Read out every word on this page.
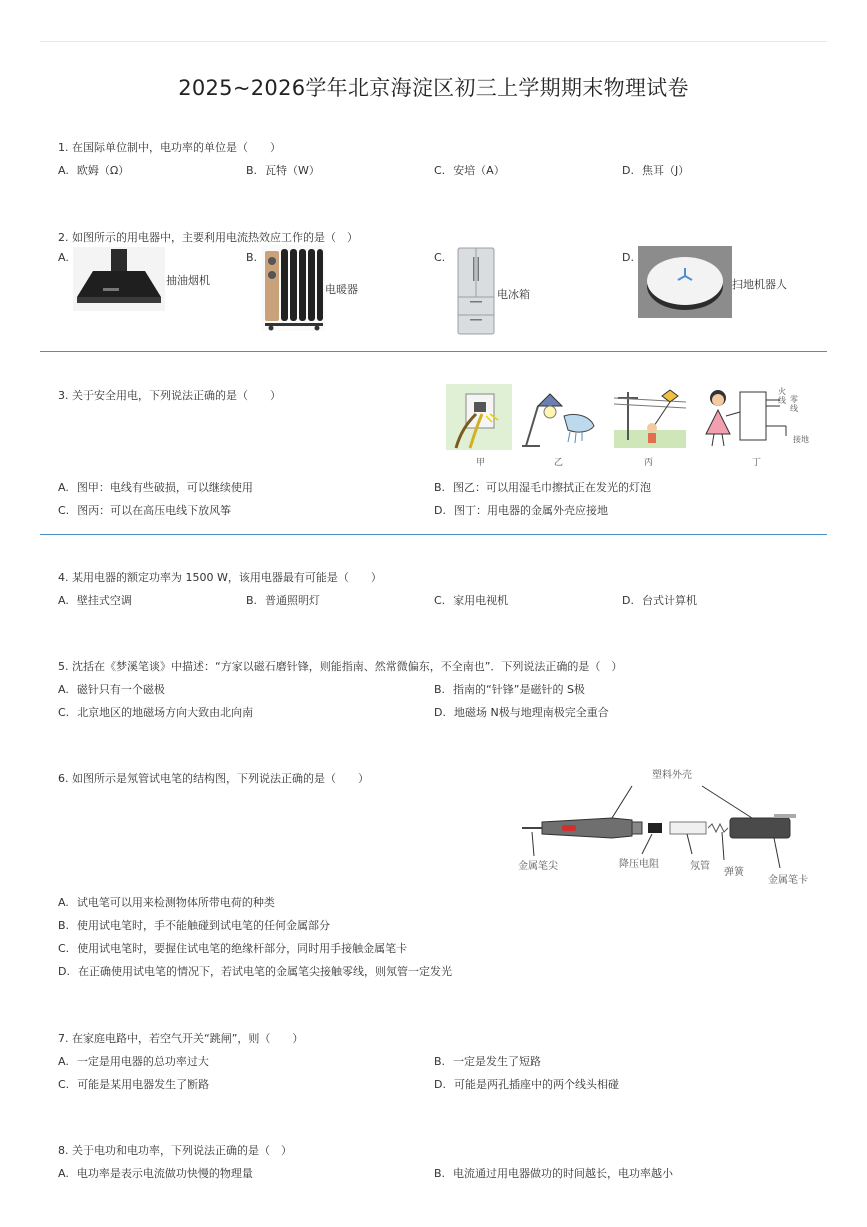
2025~2026学年北京海淀区初三上学期期末物理试卷
1. 在国际单位制中，电功率的单位是（　　）
A. 欧姆（Ω）	B. 瓦特（W）	C. 安培（A）	D. 焦耳（J）
2. 如图所示的用电器中，主要利用电流热效应工作的是（　）
A.
抽油烟机
B.
电暖器
C.
电冰箱
D.
扫地机器人
3. 关于安全用电，下列说法正确的是（　　）
甲	乙	丙
火线 零线
接地
丁
A. 图甲：电线有些破损，可以继续使用	B. 图乙：可以用湿毛巾擦拭正在发光的灯泡
C. 图丙：可以在高压电线下放风筝	D. 图丁：用电器的金属外壳应接地
4. 某用电器的额定功率为 1500 W，该用电器最有可能是（　　）
A. 壁挂式空调	B. 普通照明灯	C. 家用电视机	D. 台式计算机
5. 沈括在《梦溪笔谈》中描述：“方家以磁石磨针锋，则能指南、然常微偏东，不全南也”．下列说法正确的是（　）
A. 磁针只有一个磁极	B. 指南的“针锋”是磁针的 S极
C. 北京地区的地磁场方向大致由北向南	D. 地磁场 N极与地理南极完全重合
6. 如图所示是氖管试电笔的结构图，下列说法正确的是（　　）	塑料外壳
金属笔尖	降压电阻	氖管
弹簧
金属笔卡
A. 试电笔可以用来检测物体所带电荷的种类
B. 使用试电笔时，手不能触碰到试电笔的任何金属部分
C. 使用试电笔时，要握住试电笔的绝缘杆部分，同时用手接触金属笔卡
D. 在正确使用试电笔的情况下，若试电笔的金属笔尖接触零线，则氖管一定发光
7. 在家庭电路中，若空气开关“跳闸”，则（　　）
A. 一定是用电器的总功率过大	B. 一定是发生了短路
C. 可能是某用电器发生了断路	D. 可能是两孔插座中的两个线头相碰
8. 关于电功和电功率，下列说法正确的是（　）
A. 电功率是表示电流做功快慢的物理量	B. 电流通过用电器做功的时间越长，电功率越小
